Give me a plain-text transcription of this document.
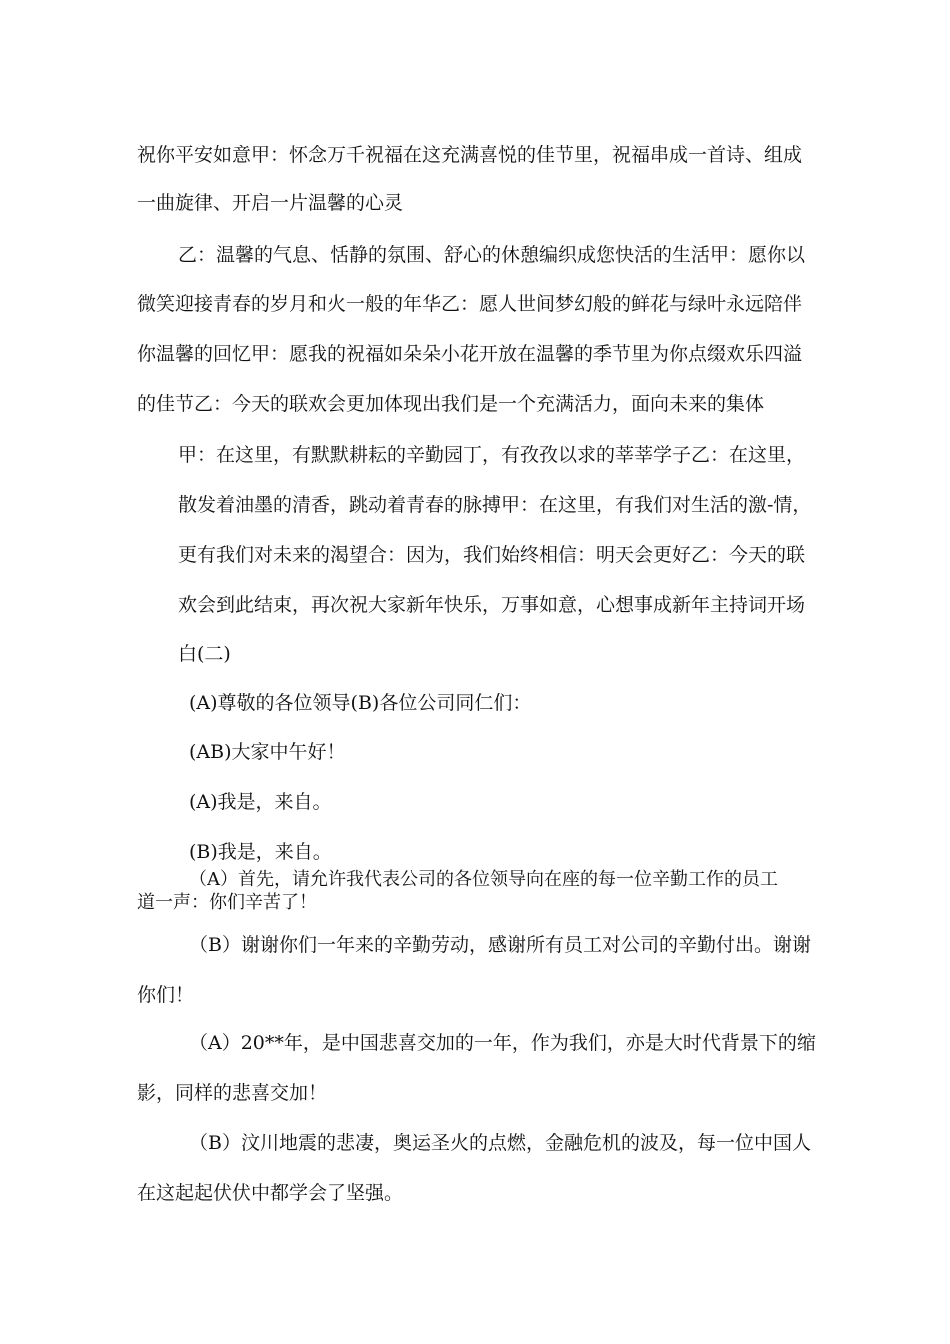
祝你平安如意甲：怀念万千祝福在这充满喜悦的佳节里，祝福串成一首诗、组成
一曲旋律、开启一片温馨的心灵
乙：温馨的气息、恬静的氛围、舒心的休憩编织成您快活的生活甲：愿你以
微笑迎接青春的岁月和火一般的年华乙：愿人世间梦幻般的鲜花与绿叶永远陪伴
你温馨的回忆甲：愿我的祝福如朵朵小花开放在温馨的季节里为你点缀欢乐四溢
的佳节乙：今天的联欢会更加体现出我们是一个充满活力，面向未来的集体
甲：在这里，有默默耕耘的辛勤园丁，有孜孜以求的莘莘学子乙：在这里，
散发着油墨的清香，跳动着青春的脉搏甲：在这里，有我们对生活的激-情，
更有我们对未来的渴望合：因为，我们始终相信：明天会更好乙：今天的联
欢会到此结束，再次祝大家新年快乐，万事如意，心想事成新年主持词开场
白(二)
(A)尊敬的各位领导(B)各位公司同仁们：
(AB)大家中午好！
(A)我是，来自。
(B)我是，来自。
（A）首先，请允许我代表公司的各位领导向在座的每一位辛勤工作的员工
道一声：你们辛苦了！
（B）谢谢你们一年来的辛勤劳动，感谢所有员工对公司的辛勤付出。谢谢
你们！
（A）20**年，是中国悲喜交加的一年，作为我们，亦是大时代背景下的缩
影，同样的悲喜交加！
（B）汶川地震的悲凄，奥运圣火的点燃，金融危机的波及，每一位中国人
在这起起伏伏中都学会了坚强。
